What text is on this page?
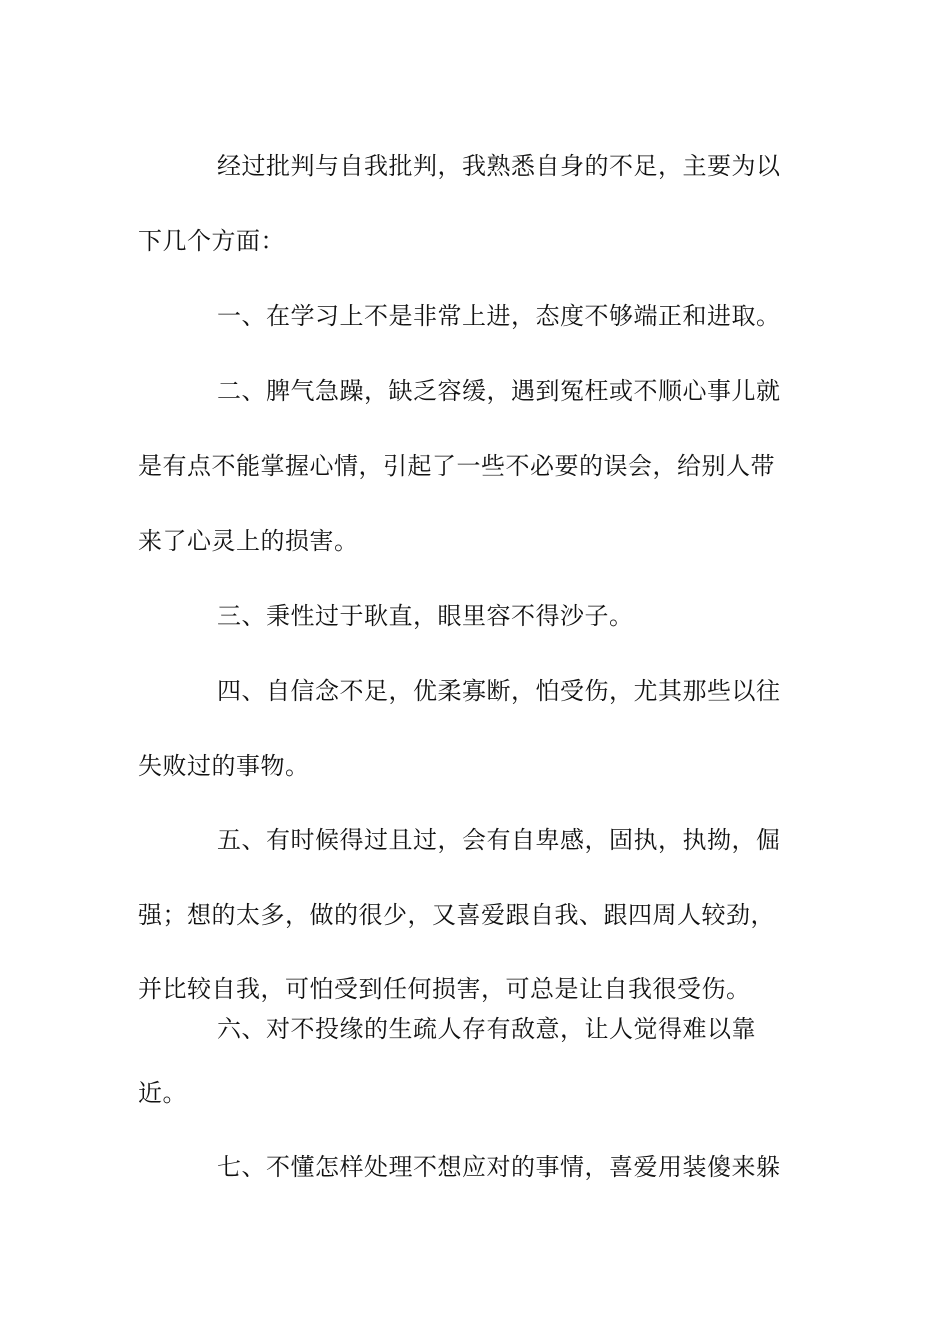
经过批判与自我批判，我熟悉自身的不足，主要为以
下几个方面：
一、在学习上不是非常上进，态度不够端正和进取。
二、脾气急躁，缺乏容缓，遇到冤枉或不顺心事儿就
是有点不能掌握心情，引起了一些不必要的误会，给别人带
来了心灵上的损害。
三、秉性过于耿直，眼里容不得沙子。
四、自信念不足，优柔寡断，怕受伤，尤其那些以往
失败过的事物。
五、有时候得过且过，会有自卑感，固执，执拗，倔
强；想的太多，做的很少，又喜爱跟自我、跟四周人较劲，
并比较自我，可怕受到任何损害，可总是让自我很受伤。
六、对不投缘的生疏人存有敌意，让人觉得难以靠
近。
七、不懂怎样处理不想应对的事情，喜爱用装傻来躲
